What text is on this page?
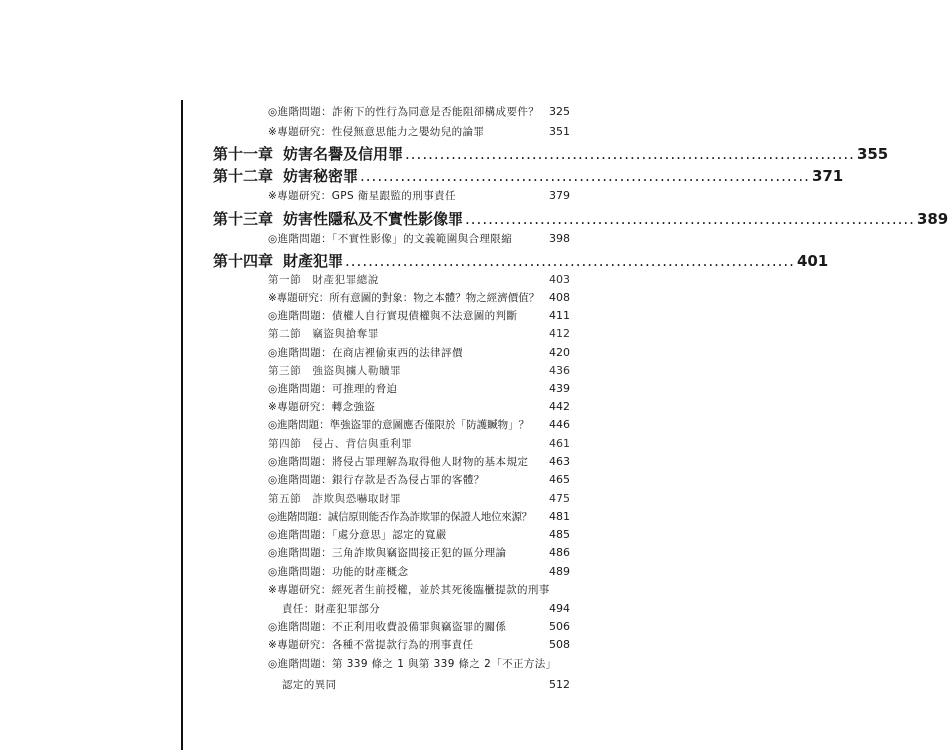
◎進階問題：詐術下的性行為同意是否能阻卻構成要件？ 325
※專題研究：性侵無意思能力之嬰幼兒的論罪	351
第十一章 妨害名譽及信用罪 .............................................................................. 355
第十二章 妨害秘密罪 .............................................................................. 371
※專題研究：GPS 衛星跟監的刑事責任	379
第十三章 妨害性隱私及不實性影像罪 .............................................................................. 389
◎進階問題：「不實性影像」的文義範圍與合理限縮	398
第十四章 財產犯罪 .............................................................................. 401
第一節　財產犯罪總說	403
※專題研究：所有意圖的對象：物之本體？物之經濟價值？ 408
◎進階問題：債權人自行實現債權與不法意圖的判斷	411
第二節　竊盜與搶奪罪	412
◎進階問題：在商店裡偷東西的法律評價	420
第三節　強盜與擄人勒贖罪	436
◎進階問題：可推理的脅迫	439
※專題研究：轉念強盜	442
◎進階問題：準強盜罪的意圖應否僅限於「防護贓物」？ 446
第四節　侵占、背信與重利罪	461
◎進階問題：將侵占罪理解為取得他人財物的基本規定 463
◎進階問題：銀行存款是否為侵占罪的客體？	465
第五節　詐欺與恐嚇取財罪	475
◎進階問題：誠信原則能否作為詐欺罪的保證人地位來源？ 481
◎進階問題：「處分意思」認定的寬嚴	485
◎進階問題：三角詐欺與竊盜間接正犯的區分理論	486
◎進階問題：功能的財產概念	489
※專題研究：經死者生前授權，並於其死後臨櫃提款的刑事
責任：財產犯罪部分	494
◎進階問題：不正利用收費設備罪與竊盜罪的關係	506
※專題研究：各種不當提款行為的刑事責任	508
◎進階問題：第 339 條之 1 與第 339 條之 2「不正方法」
認定的異同	512
